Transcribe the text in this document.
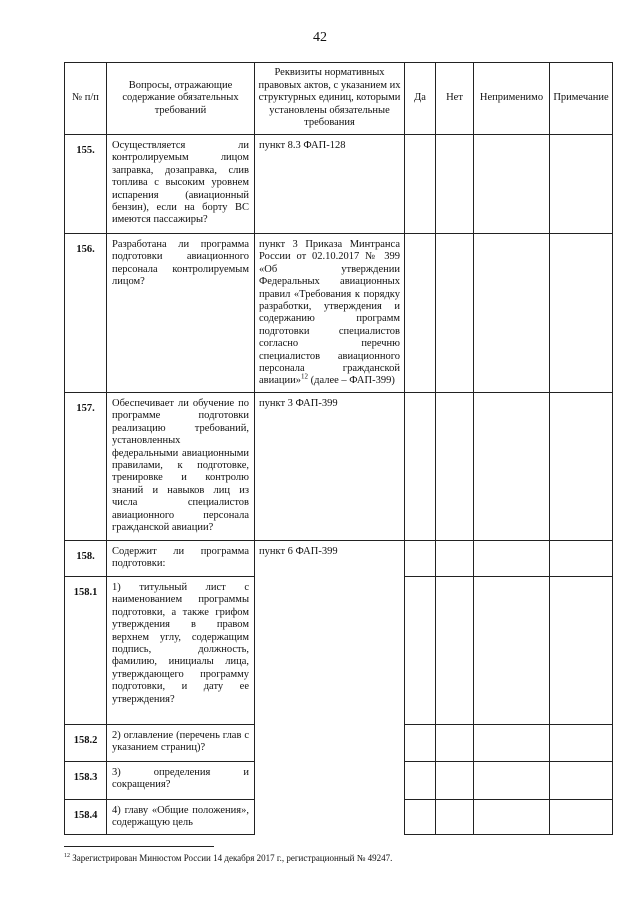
42
№ п/п	Вопросы, отражающие содержание обязательных требований	Реквизиты нормативных правовых актов, с указанием их структурных единиц, которыми установлены обязательные требования	Да	Нет	Неприменимо	Примечание

155.	Осуществляется ли контролируемым лицом заправка, дозаправка, слив топлива с высоким уровнем испарения (авиационный бензин), если на борту ВС имеются пассажиры?	пункт 8.3 ФАП-128				

156.	Разработана ли программа подготовки авиационного персонала контролируемым лицом?	пункт 3 Приказа Минтранса России от 02.10.2017 № 399 «Об утверждении Федеральных авиационных правил «Требования к порядку разработки, утверждения и содержанию программ подготовки специалистов согласно перечню специалистов авиационного персонала гражданской авиации»$^{12}$ (далее – ФАП-399)				

157.	Обеспечивает ли обучение по программе подготовки реализацию требований, установленных федеральными авиационными правилами, к подготовке, тренировке и контролю знаний и навыков лиц из числа специалистов авиационного персонала гражданской авиации?	пункт 3 ФАП-399				

158.	Содержит ли программа подготовки:	пункт 6 ФАП-399				

158.1	1) титульный лист с наименованием программы подготовки, а также грифом утверждения в правом верхнем углу, содержащим подпись, должность, фамилию, инициалы лица, утверждающего программу подготовки, и дату ее утверждения?					

158.2	2) оглавление (перечень глав с указанием страниц)?					

158.3	3) определения и сокращения?					

158.4	4) главу «Общие положения», содержащую цель					

$^{12}$ Зарегистрирован Минюстом России 14 декабря 2017 г., регистрационный № 49247.
